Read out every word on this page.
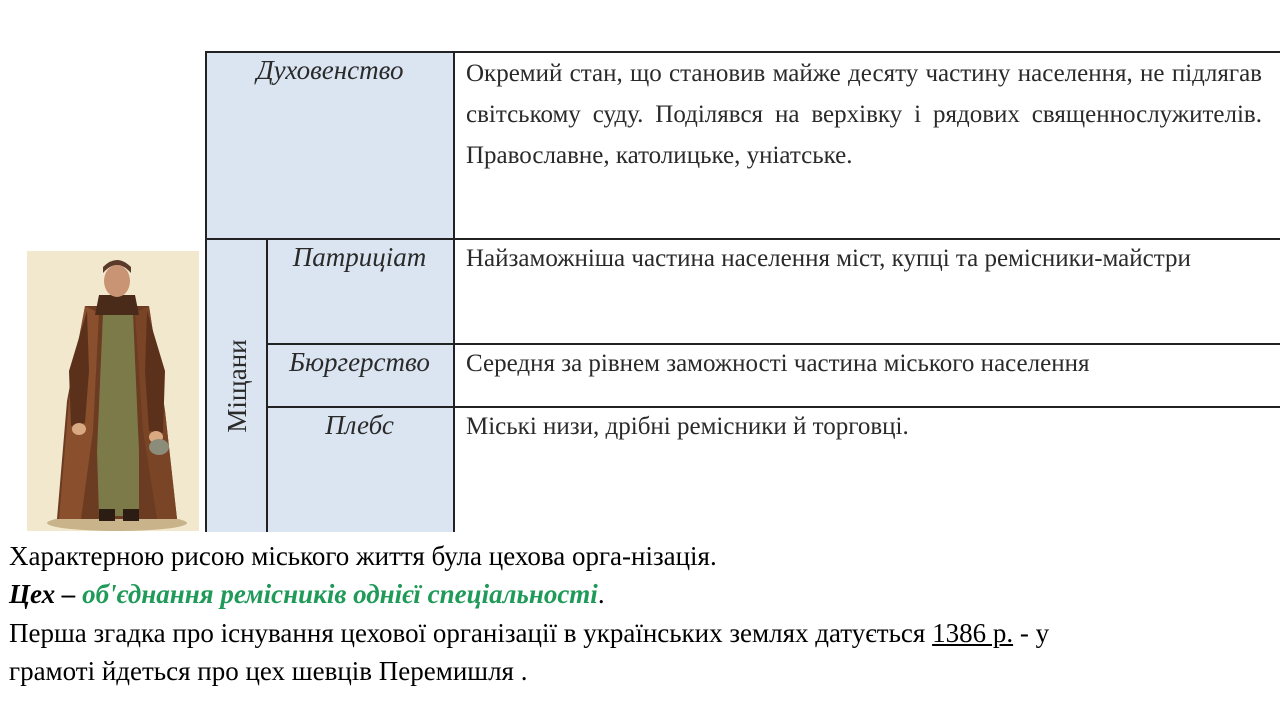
Духовенство	Окремий стан, що становив майже десяту частину населення, не підлягав світському суду. Поділявся на верхівку і рядових священнослужителів. Православне, католицьке, уніатське.
Міщани
Патриціат	Найзаможніша частина населення міст, купці та ремісники-майстри
Бюргерство	Середня за рівнем заможності частина міського населення
Плебс	Міські низи, дрібні ремісники й торговці.
Характерною рисою міського життя була цехова орга-нізація.
Цех – об'єднання ремісників однієї спеціальності.
Перша згадка про існування цехової організації в українських землях датується 1386 р. - у
грамоті йдеться про цех шевців Перемишля .
